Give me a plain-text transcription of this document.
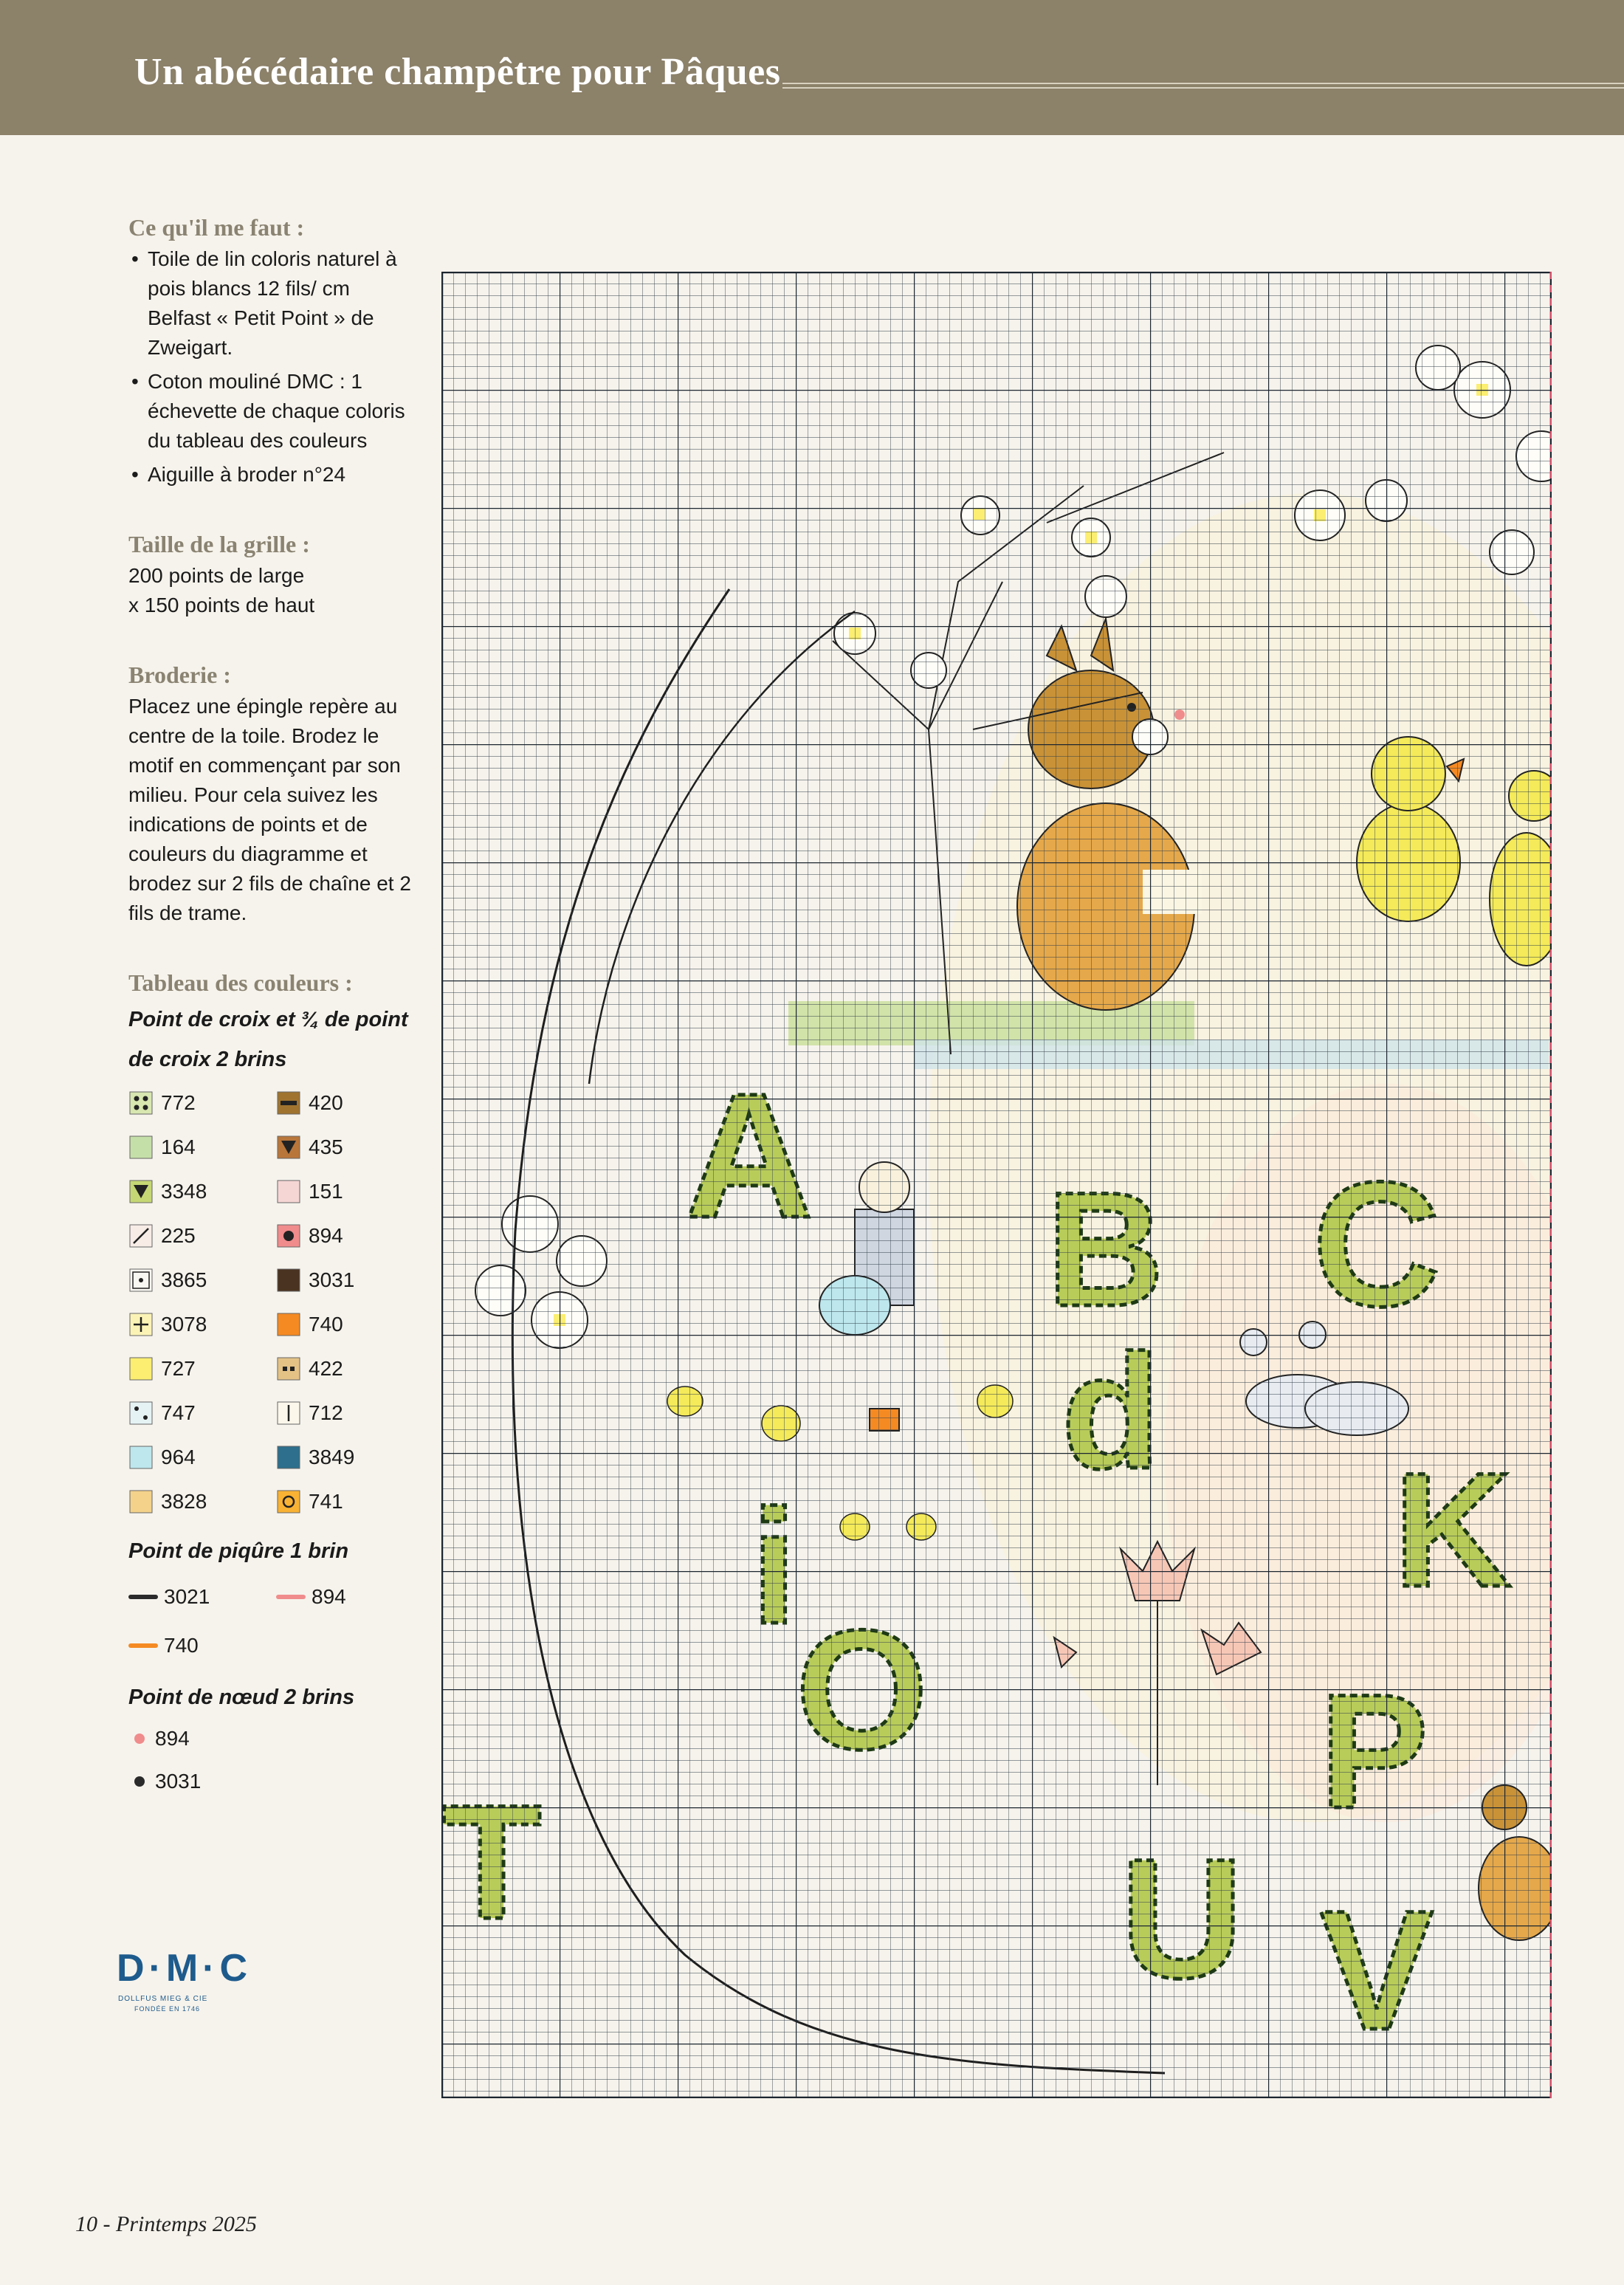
Un abécédaire champêtre pour Pâques
Ce qu'il me faut :
• Toile de lin coloris naturel à pois blancs 12 fils/ cm Belfast « Petit Point » de Zweigart.
• Coton mouliné DMC : 1 échevette de chaque coloris du tableau des couleurs
• Aiguille à broder n°24
Taille de la grille :
200 points de large
x 150 points de haut
Broderie :
Placez une épingle repère au centre de la toile. Brodez le motif en commençant par son milieu. Pour cela suivez les indications de points et de couleurs du diagramme et brodez sur 2 fils de chaîne et 2 fils de trame.
Tableau des couleurs :
Point de croix et ¾ de point de croix 2 brins
772	420
164	435
3348	151
225	894
3865	3031
3078	740
727	422
747	712
964	3849
3828	741
Point de piqûre 1 brin
3021	894
740
Point de nœud 2 brins
894
3031
D·M·C
DOLLFUS MIEG & CIE
FONDÉE EN 1746
10 - Printemps 2025
